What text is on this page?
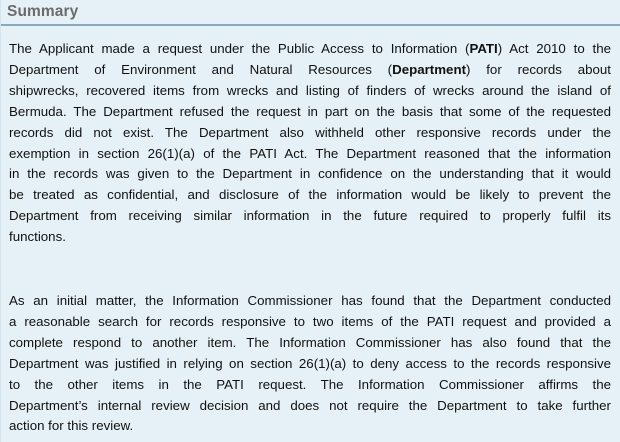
Summary
The Applicant made a request under the Public Access to Information (PATI) Act 2010 to the
Department of Environment and Natural Resources (Department) for records about
shipwrecks, recovered items from wrecks and listing of finders of wrecks around the island of
Bermuda. The Department refused the request in part on the basis that some of the requested
records did not exist. The Department also withheld other responsive records under the
exemption in section 26(1)(a) of the PATI Act. The Department reasoned that the information
in the records was given to the Department in confidence on the understanding that it would
be treated as confidential, and disclosure of the information would be likely to prevent the
Department from receiving similar information in the future required to properly fulfil its
functions.
As an initial matter, the Information Commissioner has found that the Department conducted
a reasonable search for records responsive to two items of the PATI request and provided a
complete respond to another item. The Information Commissioner has also found that the
Department was justified in relying on section 26(1)(a) to deny access to the records responsive
to the other items in the PATI request. The Information Commissioner affirms the
Department’s internal review decision and does not require the Department to take further
action for this review.
